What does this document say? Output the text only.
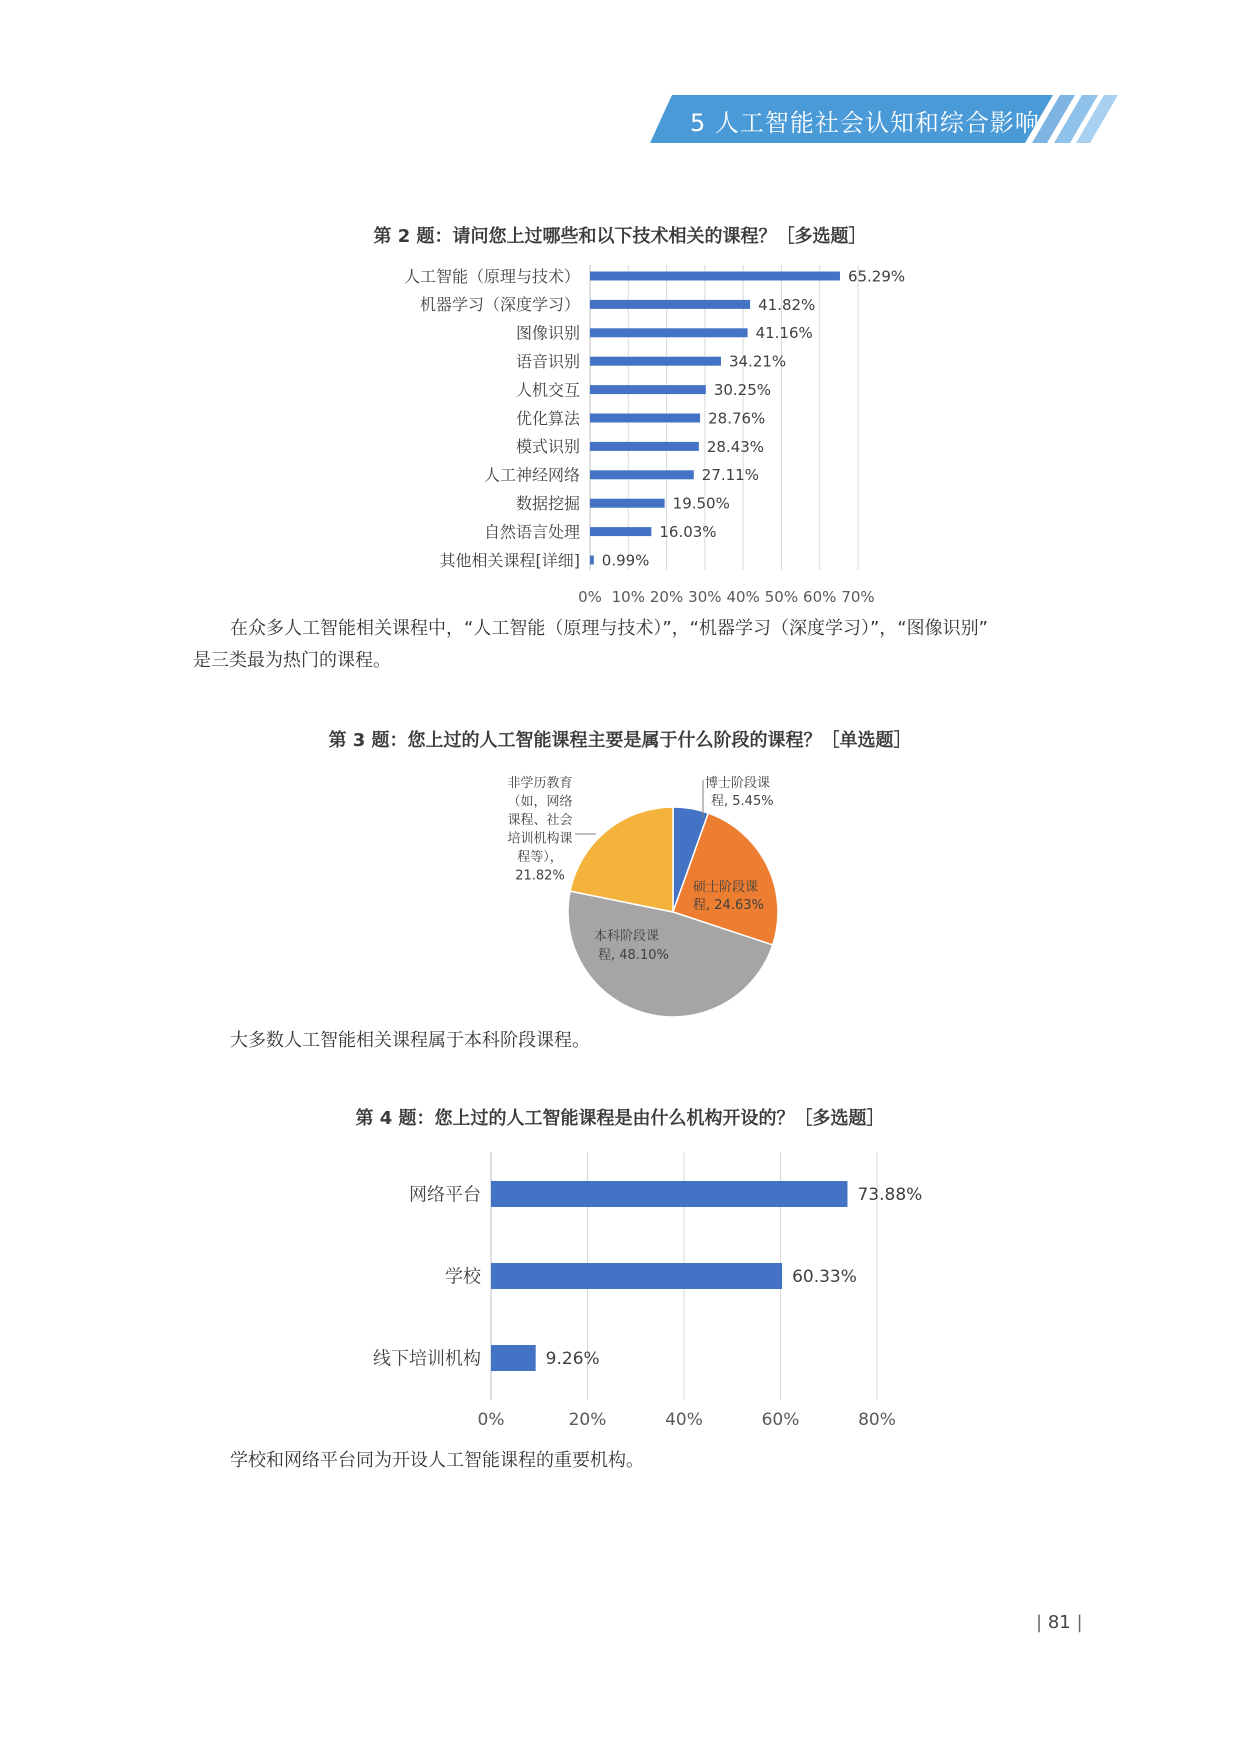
5 人工智能社会认知和综合影响
第 2 题：请问您上过哪些和以下技术相关的课程？［多选题］
0% 10% 20% 30% 40% 50% 60% 70%
人工智能（原理与技术）	65.29%
机器学习（深度学习）	41.82%
图像识别	41.16%
语音识别	34.21%
人机交互	30.25%
优化算法	28.76%
模式识别	28.43%
人工神经网络	27.11%
数据挖掘	19.50%
自然语言处理	16.03%
其他相关课程[详细] 0.99%
在众多人工智能相关课程中，“人工智能（原理与技术）”，“机器学习（深度学习）”，“图像识别”
是三类最为热门的课程。
第 3 题：您上过的人工智能课程主要是属于什么阶段的课程？［单选题］
博士阶段课
程, 5.45%
硕士阶段课
程, 24.63%
本科阶段课
程, 48.10%
非学历教育
（如，网络
课程、社会
培训机构课
程等），
21.82%
大多数人工智能相关课程属于本科阶段课程。
第 4 题：您上过的人工智能课程是由什么机构开设的？［多选题］
0%	20%	40%	60%	80%
网络平台	73.88%
学校	60.33%
线下培训机构	9.26%
学校和网络平台同为开设人工智能课程的重要机构。
| 81 |
